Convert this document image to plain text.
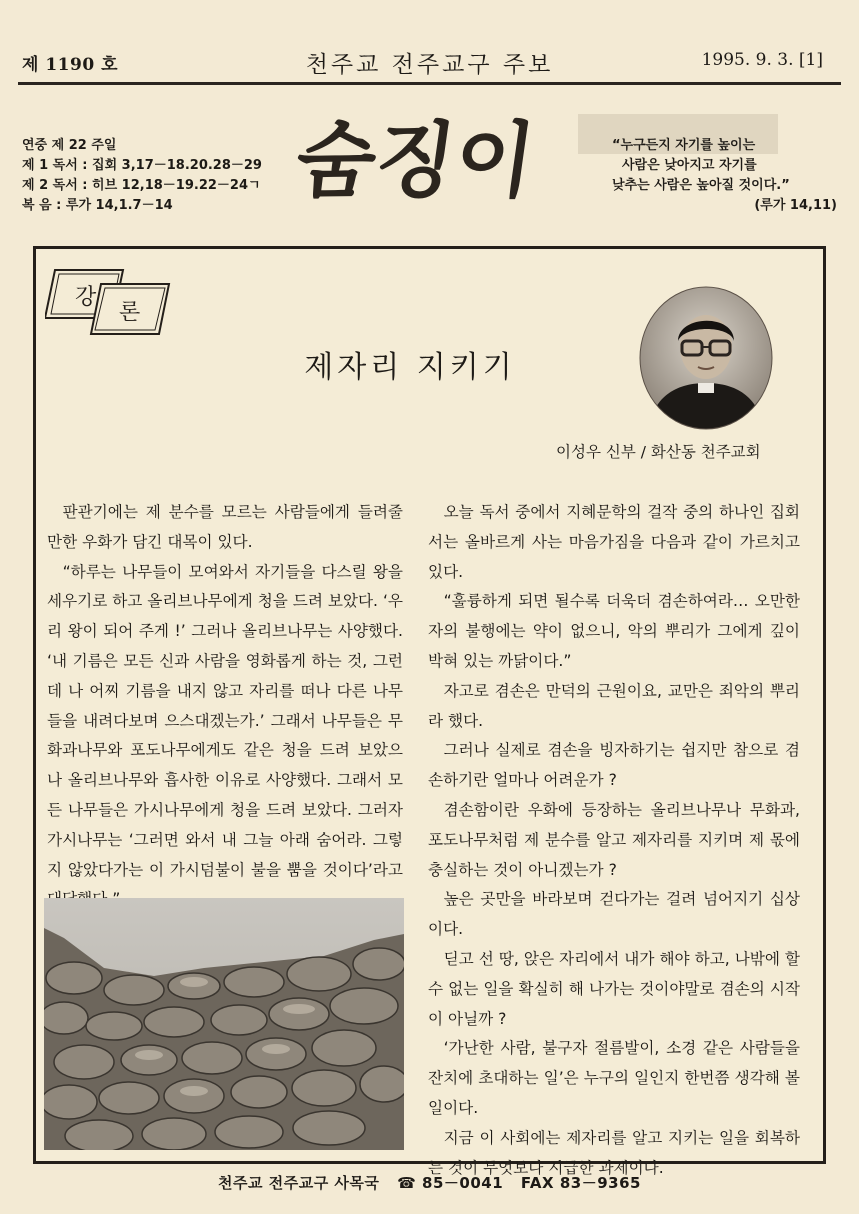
제 1190 호	천주교 전주교구 주보	1995. 9. 3. [1]
연중 제 22 주일
제 1 독서 : 집회 3,17－18.20.28－29
제 2 독서 : 히브 12,18－19.22－24ㄱ
복 음 : 루가 14,1.7－14	숨징이	“누구든지 자기를 높이는
사람은 낮아지고 자기를
낮추는 사람은 높아질 것이다.”
(루가 14,11)
강
론
제자리 지키기
이성우 신부 / 화산동 천주교회

판관기에는 제 분수를 모르는 사람들에게 들려줄만한 우화가 담긴 대목이 있다.

“하루는 나무들이 모여와서 자기들을 다스릴 왕을 세우기로 하고 올리브나무에게 청을 드려 보았다. ‘우리 왕이 되어 주게 !’ 그러나 올리브나무는 사양했다. ‘내 기름은 모든 신과 사람을 영화롭게 하는 것, 그런데 나 어찌 기름을 내지 않고 자리를 떠나 다른 나무들을 내려다보며 으스대겠는가.’ 그래서 나무들은 무화과나무와 포도나무에게도 같은 청을 드려 보았으나 올리브나무와 흡사한 이유로 사양했다. 그래서 모든 나무들은 가시나무에게 청을 드려 보았다. 그러자 가시나무는 ‘그러면 와서 내 그늘 아래 숨어라. 그렇지 않았다가는 이 가시덤불이 불을 뿜을 것이다’라고

오늘 독서 중에서 지혜문학의 걸작 중의 하나인 집회서는 올바르게 사는 마음가짐을 다음과 같이 가르치고 있다.

“훌륭하게 되면 될수록 더욱더 겸손하여라… 오만한 자의 불행에는 약이 없으니, 악의 뿌리가 그에게 깊이 박혀 있는 까닭이다.”

자고로 겸손은 만덕의 근원이요, 교만은 죄악의 뿌리라 했다.

그러나 실제로 겸손을 빙자하기는 쉽지만 참으로 겸손하기란 얼마나 어려운가 ?

겸손함이란 우화에 등장하는 올리브나무나 무화과, 포도나무처럼 제 분수를 알고 제자리를 지키며 제 몫에 충실하는 것이 아니겠는가 ?

높은 곳만을 바라보며 걷다가는 걸려 넘어지기 십상이다.

딛고 선 땅, 앉은 자리에서 내가 해야 하고, 나밖에 할 수 없는 일을 확실히 해 나가는 것이야말로 겸손의 시작이 아닐까 ?

‘가난한 사람, 불구자 절름발이, 소경 같은 사람들을 잔치에 초대하는 일’은 누구의 일인지 한번쯤 생각해 볼 일이다.

지금 이 사회에는 제자리를 알고 지키는 일을 회복하는 것이 무엇보다 시급한 과제이다.

천주교 전주교구 사목국 ☎ 85－0041 FAX 83－9365
